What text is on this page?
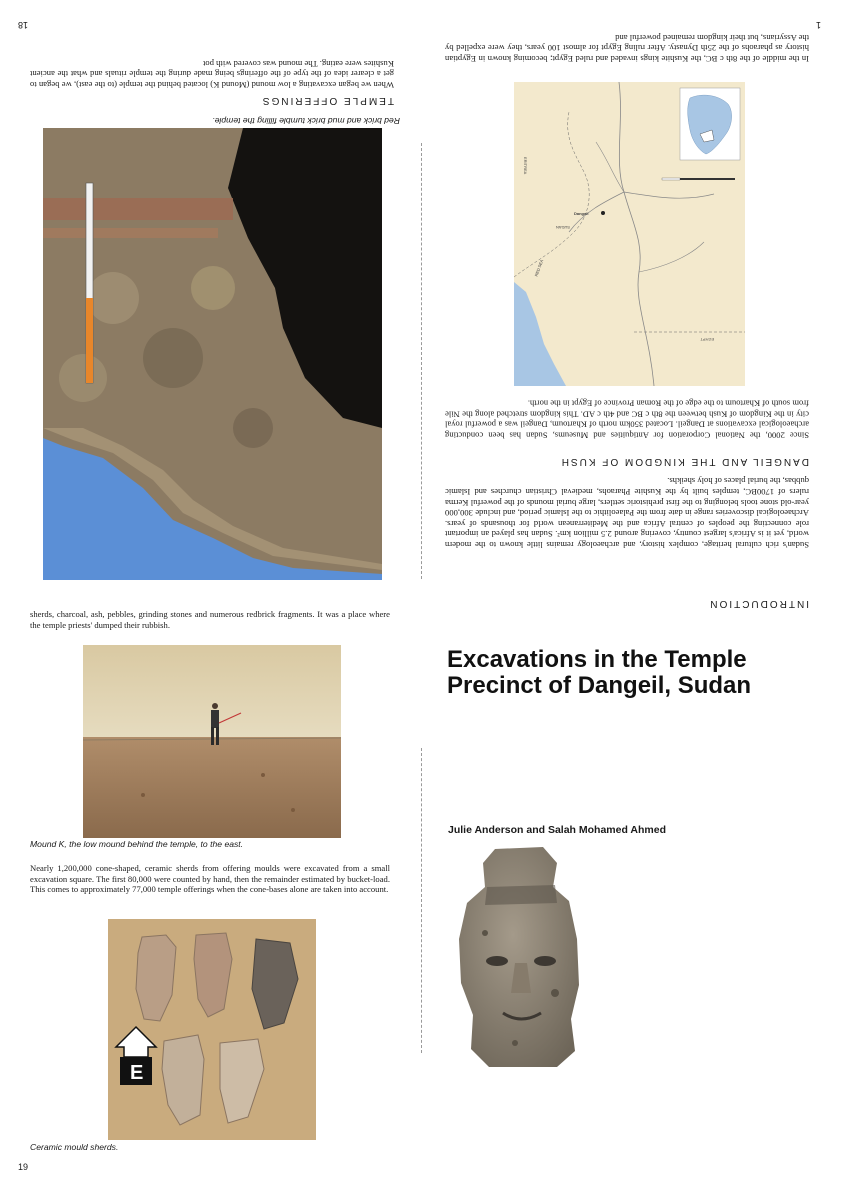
18	1
19
When we began excavating a low mound (Mound K) located behind the temple (to the east), we began to get a clearer idea of the type of the offerings being made during the temple rituals and what the ancient Kushites were eating. The mound was covered with pot
TEMPLE OFFERINGS
Red brick and mud brick tumble filling the temple.
In the middle of the 8th c BC, the Kushite kings invaded and ruled Egypt; becoming known in Egyptian history as pharaohs of the 25th Dynasty. After ruling Egypt for almost 100 years, they were expelled by the Assyrians, but their kingdom remained powerful and
Dangeil
SUDAN
EGYPT
ERITREA
RED SEA
Since 2000, the National Corporation for Antiquities and Museums, Sudan has been conducting archaeological excavations at Dangeil. Located 350km north of Khartoum, Dangeil was a powerful royal city in the Kingdom of Kush between the 8th c BC and 4th c AD. This kingdom stretched along the Nile from south of Khartoum to the edge of the Roman Province of Egypt in the north.
DANGEIL AND THE KINGDOM OF KUSH
Sudan's rich cultural heritage, complex history, and archaeology remains little known to the modern world, yet it is Africa's largest country, covering around 2.5 million km². Sudan has played an important role connecting the peoples of central Africa and the Mediterranean world for thousands of years. Archaeological discoveries range in date from the Palaeolithic to the Islamic period, and include 300,000 year-old stone tools belonging to the first prehistoric settlers, large burial mounds of the powerful Kerma rulers of 1700BC, temples built by the Kushite Pharaohs, medieval Christian churches and Islamic qubbas, the burial places of holy sheikhs.
INTRODUCTION
sherds, charcoal, ash, pebbles, grinding stones and numerous redbrick fragments. It was a place where the temple priests' dumped their rubbish.
Mound K, the low mound behind the temple, to the east.
Nearly 1,200,000 cone-shaped, ceramic sherds from offering moulds were excavated from a small excavation square. The first 80,000 were counted by hand, then the remainder estimated by bucket-load. This comes to approximately 77,000 temple offerings when the cone-bases alone are taken into account.
E
Ceramic mould sherds.
Excavations in the Temple
Precinct of Dangeil, Sudan
Julie Anderson and Salah Mohamed Ahmed
